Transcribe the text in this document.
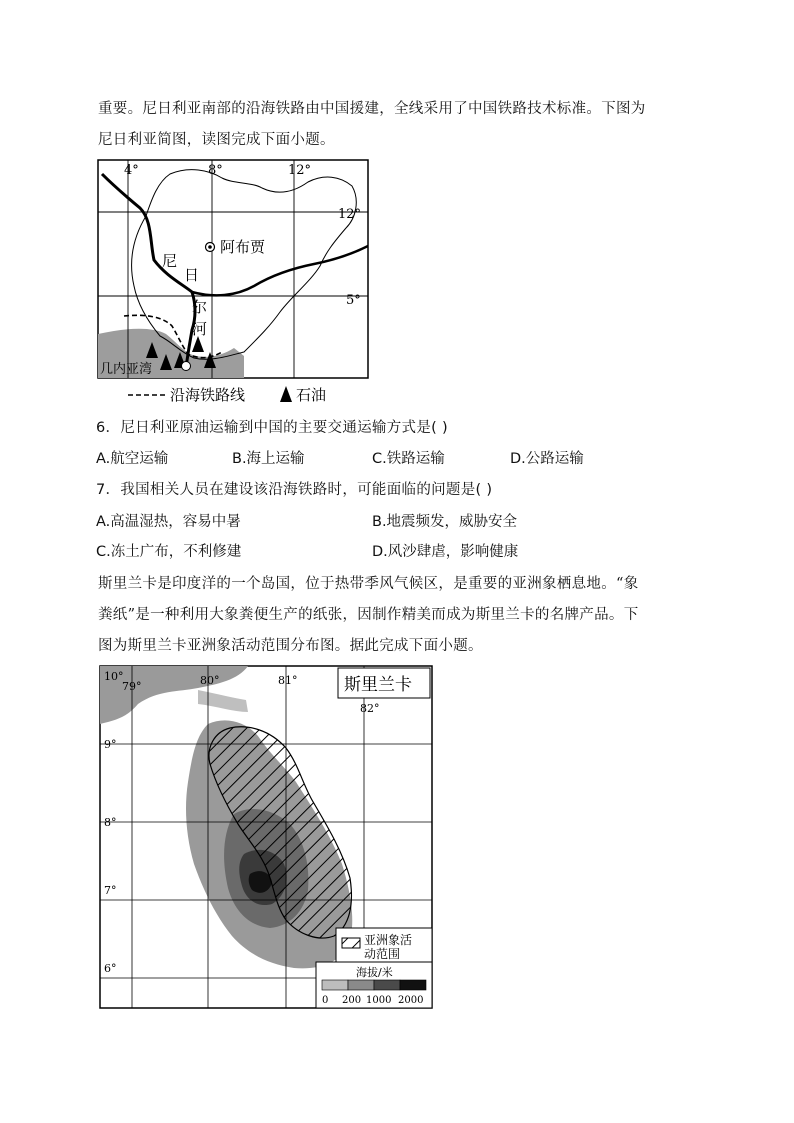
重要。尼日利亚南部的沿海铁路由中国援建，全线采用了中国铁路技术标准。下图为
尼日利亚简图，读图完成下面小题。
4°	8°	12°
12°
5°
阿布贾
尼
日
尔
河
几内亚湾
沿海铁路线	石油
6．尼日利亚原油运输到中国的主要交通运输方式是( )
A.航空运输	B.海上运输	C.铁路运输	D.公路运输
7．我国相关人员在建设该沿海铁路时，可能面临的问题是( )
A.高温湿热，容易中暑	B.地震频发，威胁安全
C.冻土广布，不利修建	D.风沙肆虐，影响健康
斯里兰卡是印度洋的一个岛国，位于热带季风气候区，是重要的亚洲象栖息地。“象
粪纸”是一种利用大象粪便生产的纸张，因制作精美而成为斯里兰卡的名牌产品。下
图为斯里兰卡亚洲象活动范围分布图。据此完成下面小题。
斯里兰卡
10°
79°	80°	81°
82°
9°
8°
7°
6°
亚洲象活
动范围
海拔/米
0 200 1000 2000
